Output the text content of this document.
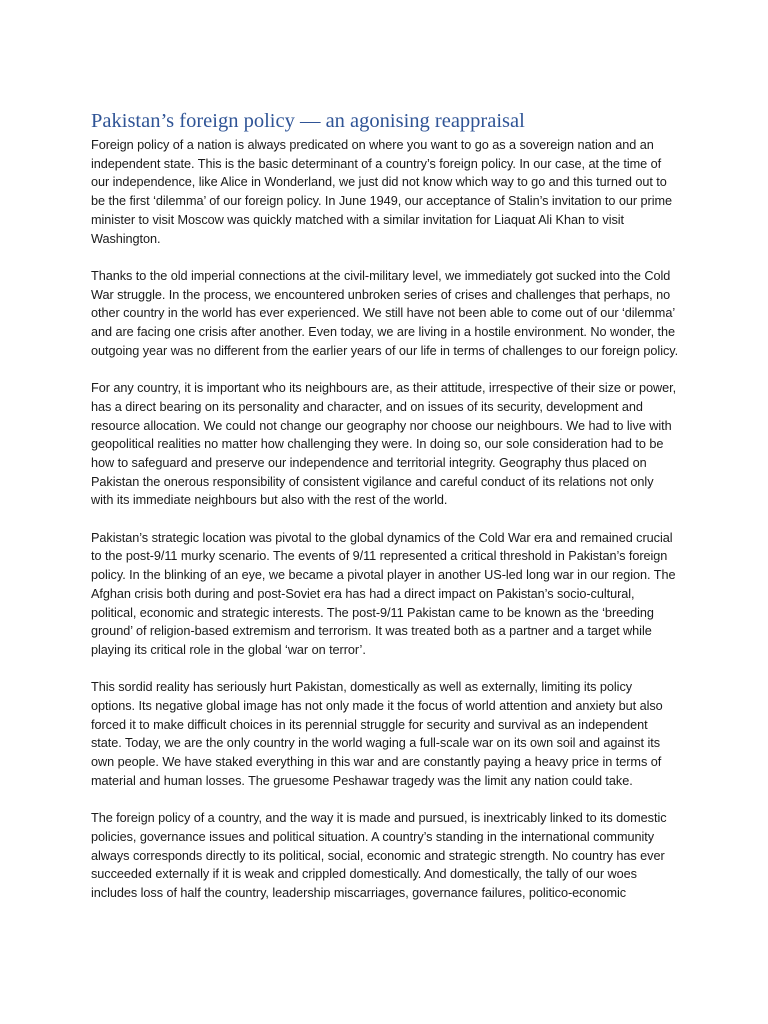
Pakistan’s foreign policy — an agonising reappraisal

Foreign policy of a nation is always predicated on where you want to go as a sovereign nation and an independent state. This is the basic determinant of a country’s foreign policy. In our case, at the time of our independence, like Alice in Wonderland, we just did not know which way to go and this turned out to be the first ‘dilemma’ of our foreign policy. In June 1949, our acceptance of Stalin’s invitation to our prime minister to visit Moscow was quickly matched with a similar invitation for Liaquat Ali Khan to visit Washington.

Thanks to the old imperial connections at the civil-military level, we immediately got sucked into the Cold War struggle. In the process, we encountered unbroken series of crises and challenges that perhaps, no other country in the world has ever experienced. We still have not been able to come out of our ‘dilemma’ and are facing one crisis after another. Even today, we are living in a hostile environment. No wonder, the outgoing year was no different from the earlier years of our life in terms of challenges to our foreign policy.

For any country, it is important who its neighbours are, as their attitude, irrespective of their size or power, has a direct bearing on its personality and character, and on issues of its security, development and resource allocation. We could not change our geography nor choose our neighbours. We had to live with geopolitical realities no matter how challenging they were. In doing so, our sole consideration had to be how to safeguard and preserve our independence and territorial integrity. Geography thus placed on Pakistan the onerous responsibility of consistent vigilance and careful conduct of its relations not only with its immediate neighbours but also with the rest of the world.

Pakistan’s strategic location was pivotal to the global dynamics of the Cold War era and remained crucial to the post-9/11 murky scenario. The events of 9/11 represented a critical threshold in Pakistan’s foreign policy. In the blinking of an eye, we became a pivotal player in another US-led long war in our region. The Afghan crisis both during and post-Soviet era has had a direct impact on Pakistan’s socio-cultural, political, economic and strategic interests. The post-9/11 Pakistan came to be known as the ‘breeding ground’ of religion-based extremism and terrorism. It was treated both as a partner and a target while playing its critical role in the global ‘war on terror’.

This sordid reality has seriously hurt Pakistan, domestically as well as externally, limiting its policy options. Its negative global image has not only made it the focus of world attention and anxiety but also forced it to make difficult choices in its perennial struggle for security and survival as an independent state. Today, we are the only country in the world waging a full-scale war on its own soil and against its own people. We have staked everything in this war and are constantly paying a heavy price in terms of material and human losses. The gruesome Peshawar tragedy was the limit any nation could take.

The foreign policy of a country, and the way it is made and pursued, is inextricably linked to its domestic policies, governance issues and political situation. A country’s standing in the international community always corresponds directly to its political, social, economic and strategic strength. No country has ever succeeded externally if it is weak and crippled domestically. And domestically, the tally of our woes includes loss of half the country, leadership miscarriages, governance failures, politico-economic
